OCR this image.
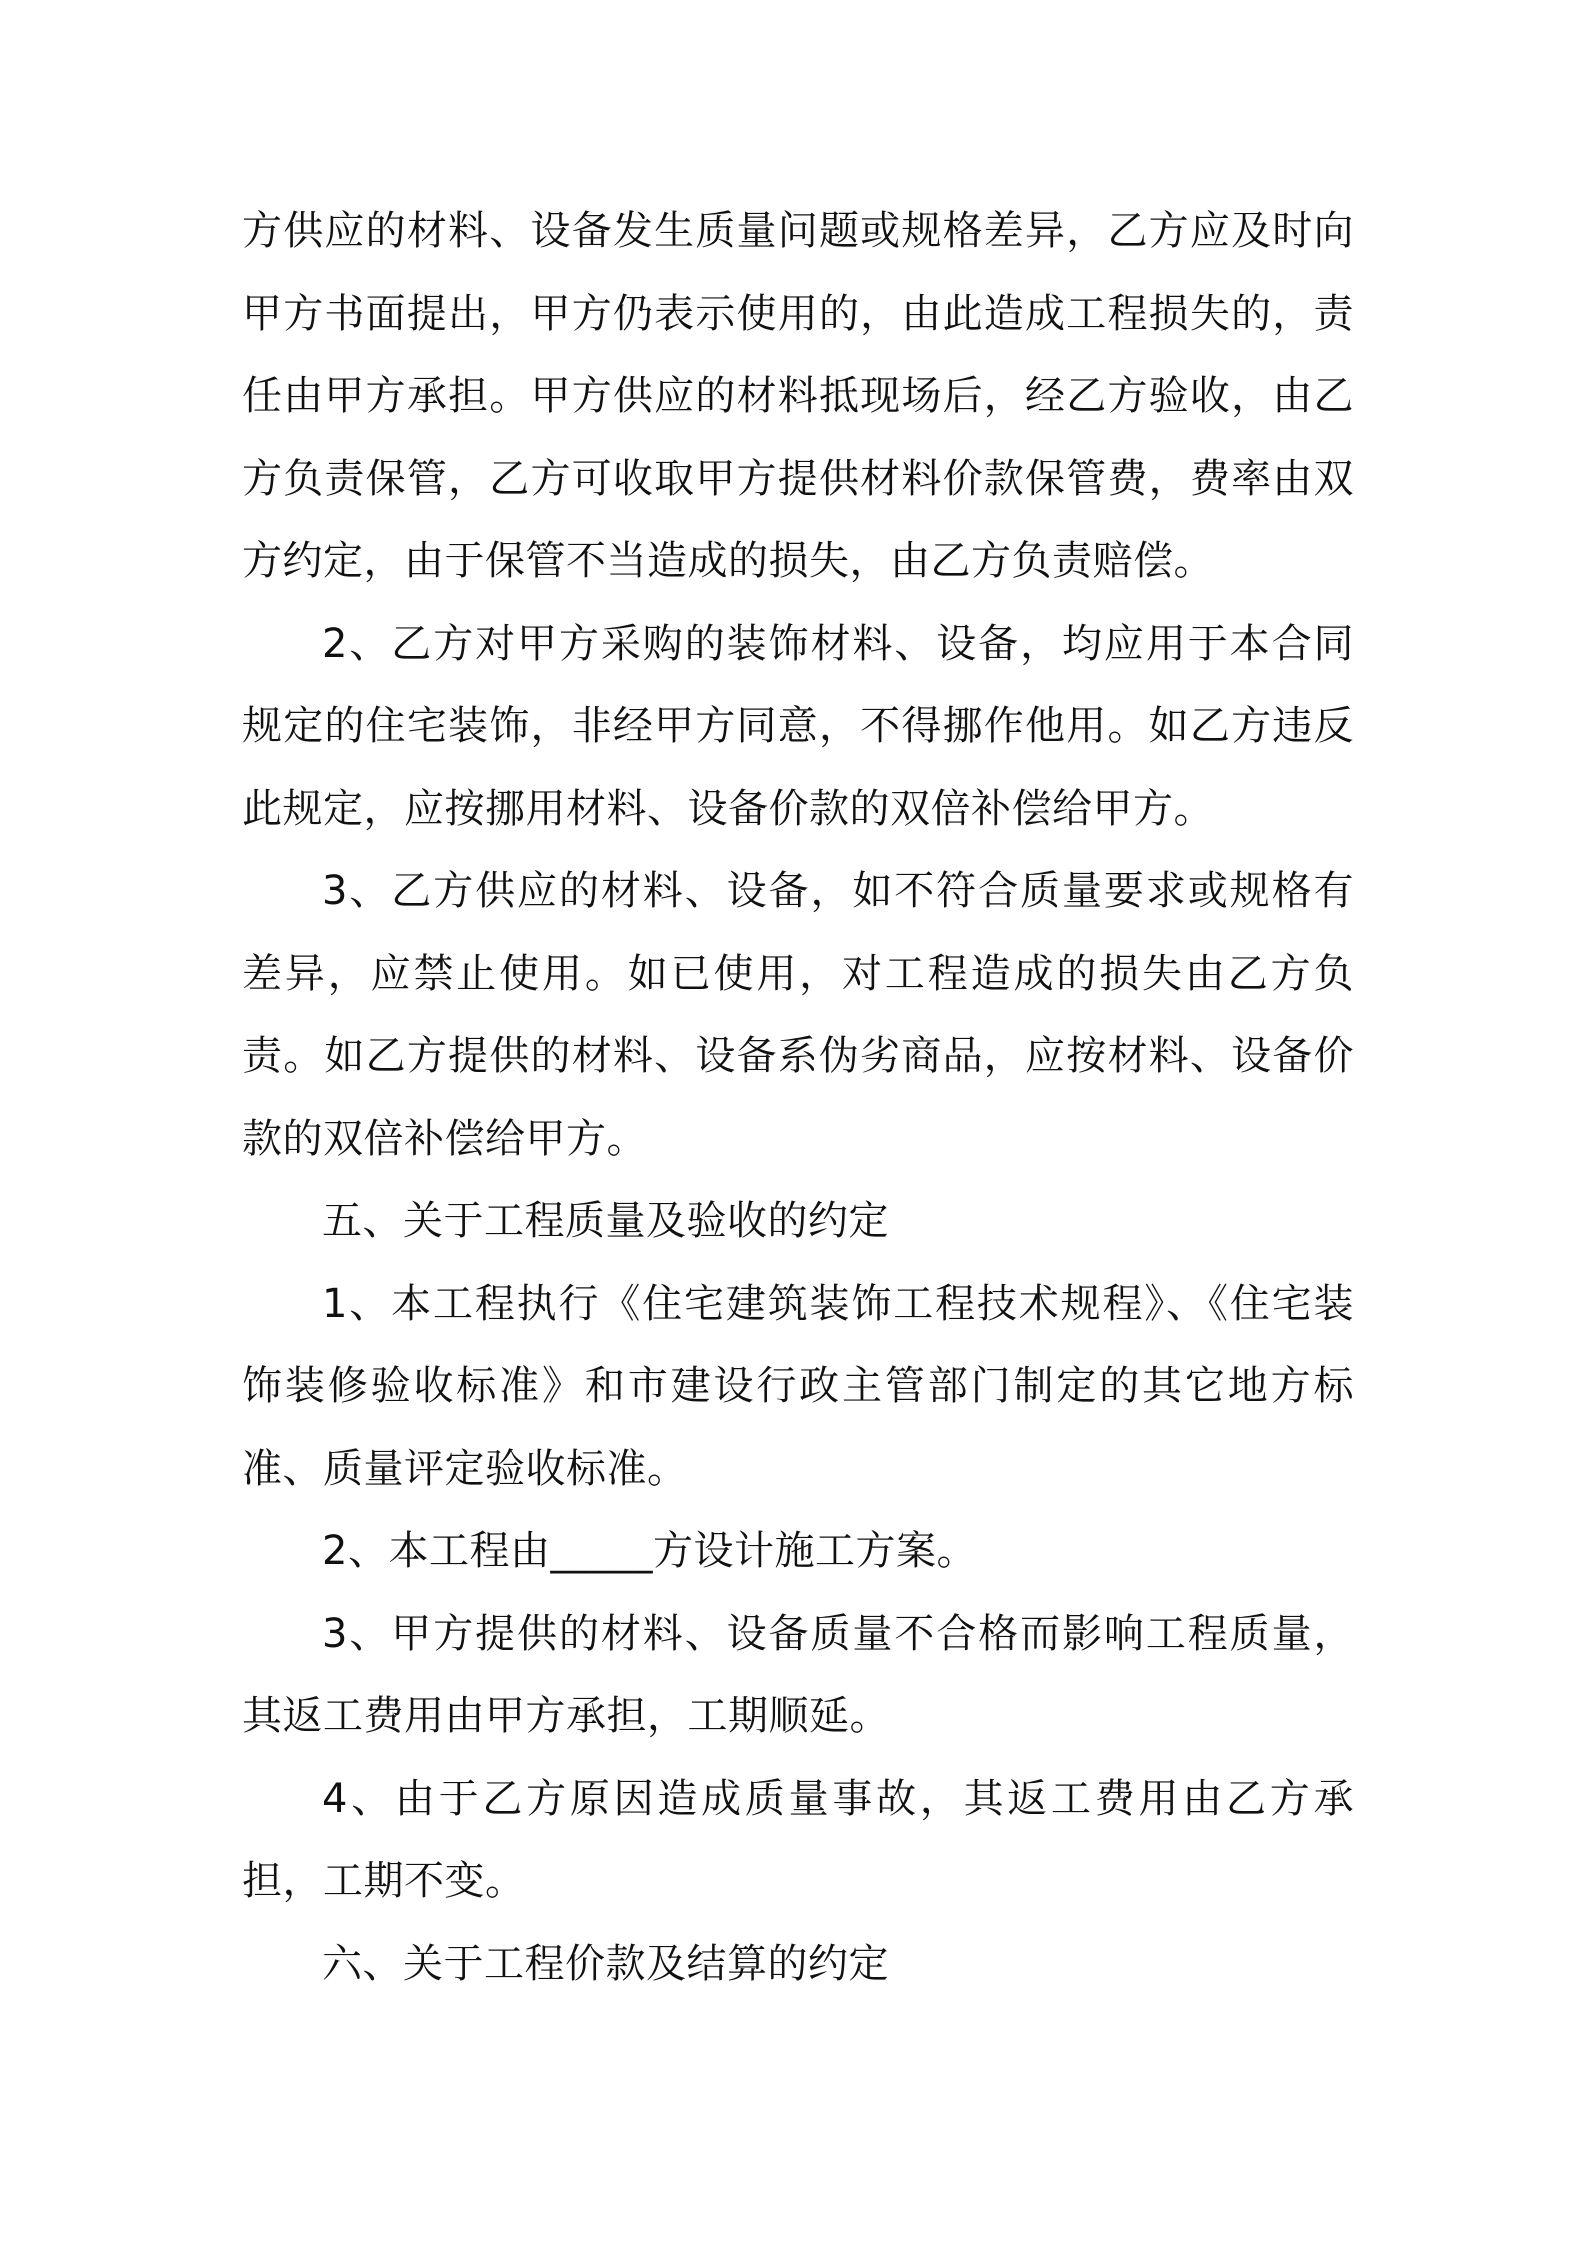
方供应的材料、设备发生质量问题或规格差异，乙方应及时向甲方书面提出，甲方仍表示使用的，由此造成工程损失的，责任由甲方承担。甲方供应的材料抵现场后，经乙方验收，由乙方负责保管，乙方可收取甲方提供材料价款保管费，费率由双方约定，由于保管不当造成的损失，由乙方负责赔偿。

2、乙方对甲方采购的装饰材料、设备，均应用于本合同规定的住宅装饰，非经甲方同意，不得挪作他用。如乙方违反此规定，应按挪用材料、设备价款的双倍补偿给甲方。

3、乙方供应的材料、设备，如不符合质量要求或规格有差异，应禁止使用。如已使用，对工程造成的损失由乙方负责。如乙方提供的材料、设备系伪劣商品，应按材料、设备价款的双倍补偿给甲方。

五、关于工程质量及验收的约定

1、本工程执行《住宅建筑装饰工程技术规程》、《住宅装饰装修验收标准》和市建设行政主管部门制定的其它地方标准、质量评定验收标准。

2、本工程由_____方设计施工方案。

3、甲方提供的材料、设备质量不合格而影响工程质量，其返工费用由甲方承担，工期顺延。

4、由于乙方原因造成质量事故，其返工费用由乙方承担，工期不变。

六、关于工程价款及结算的约定
